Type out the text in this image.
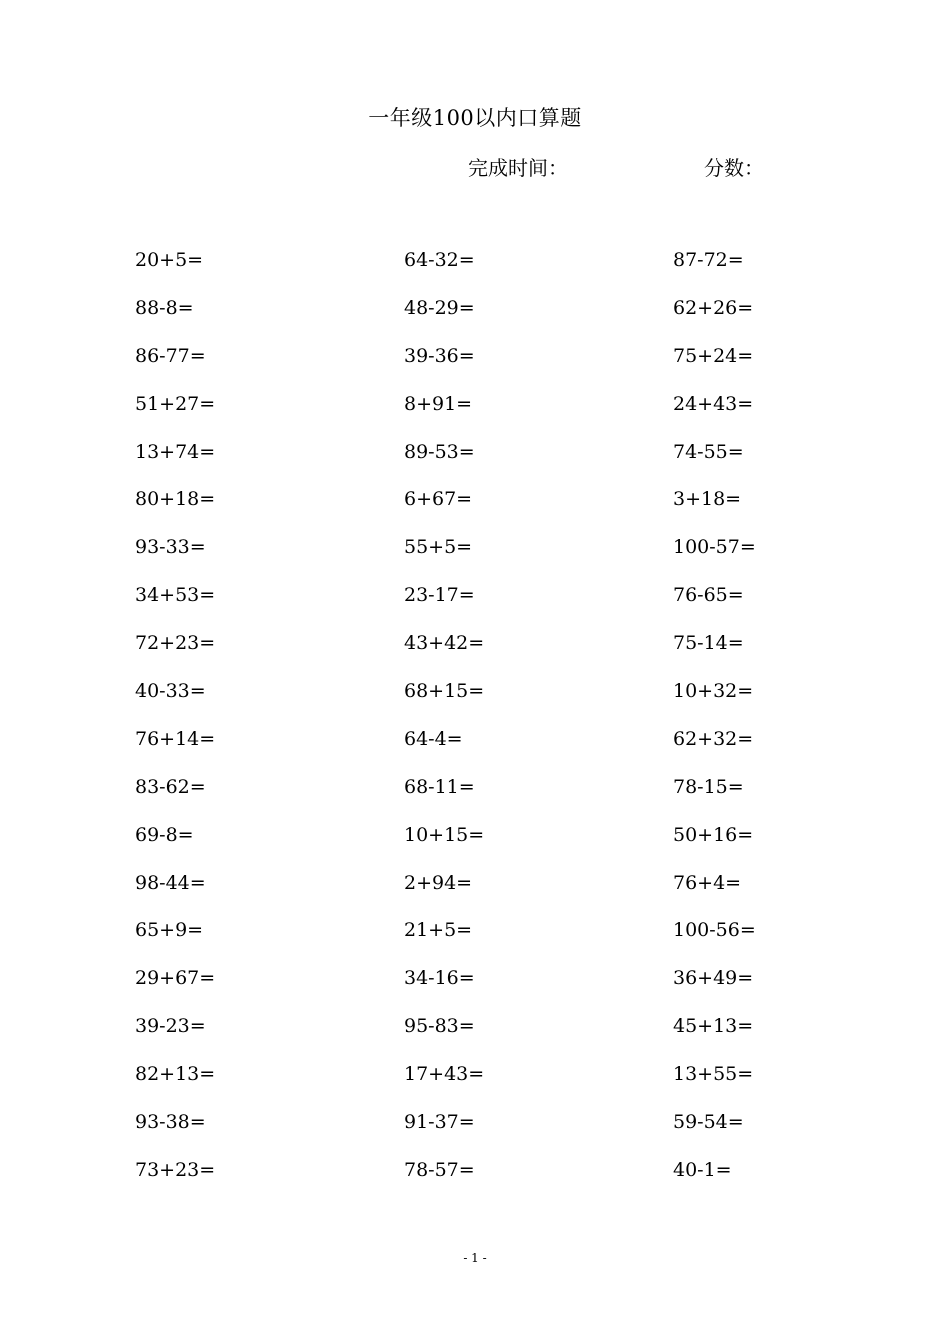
一年级100以内口算题
完成时间：	分数：
20+5=	64-32=	87-72=
88-8=	48-29=	62+26=
86-77=	39-36=	75+24=
51+27=	8+91=	24+43=
13+74=	89-53=	74-55=
80+18=	6+67=	3+18=
93-33=	55+5=	100-57=
34+53=	23-17=	76-65=
72+23=	43+42=	75-14=
40-33=	68+15=	10+32=
76+14=	64-4=	62+32=
83-62=	68-11=	78-15=
69-8=	10+15=	50+16=
98-44=	2+94=	76+4=
65+9=	21+5=	100-56=
29+67=	34-16=	36+49=
39-23=	95-83=	45+13=
82+13=	17+43=	13+55=
93-38=	91-37=	59-54=
73+23=	78-57=	40-1=
- 1 -
